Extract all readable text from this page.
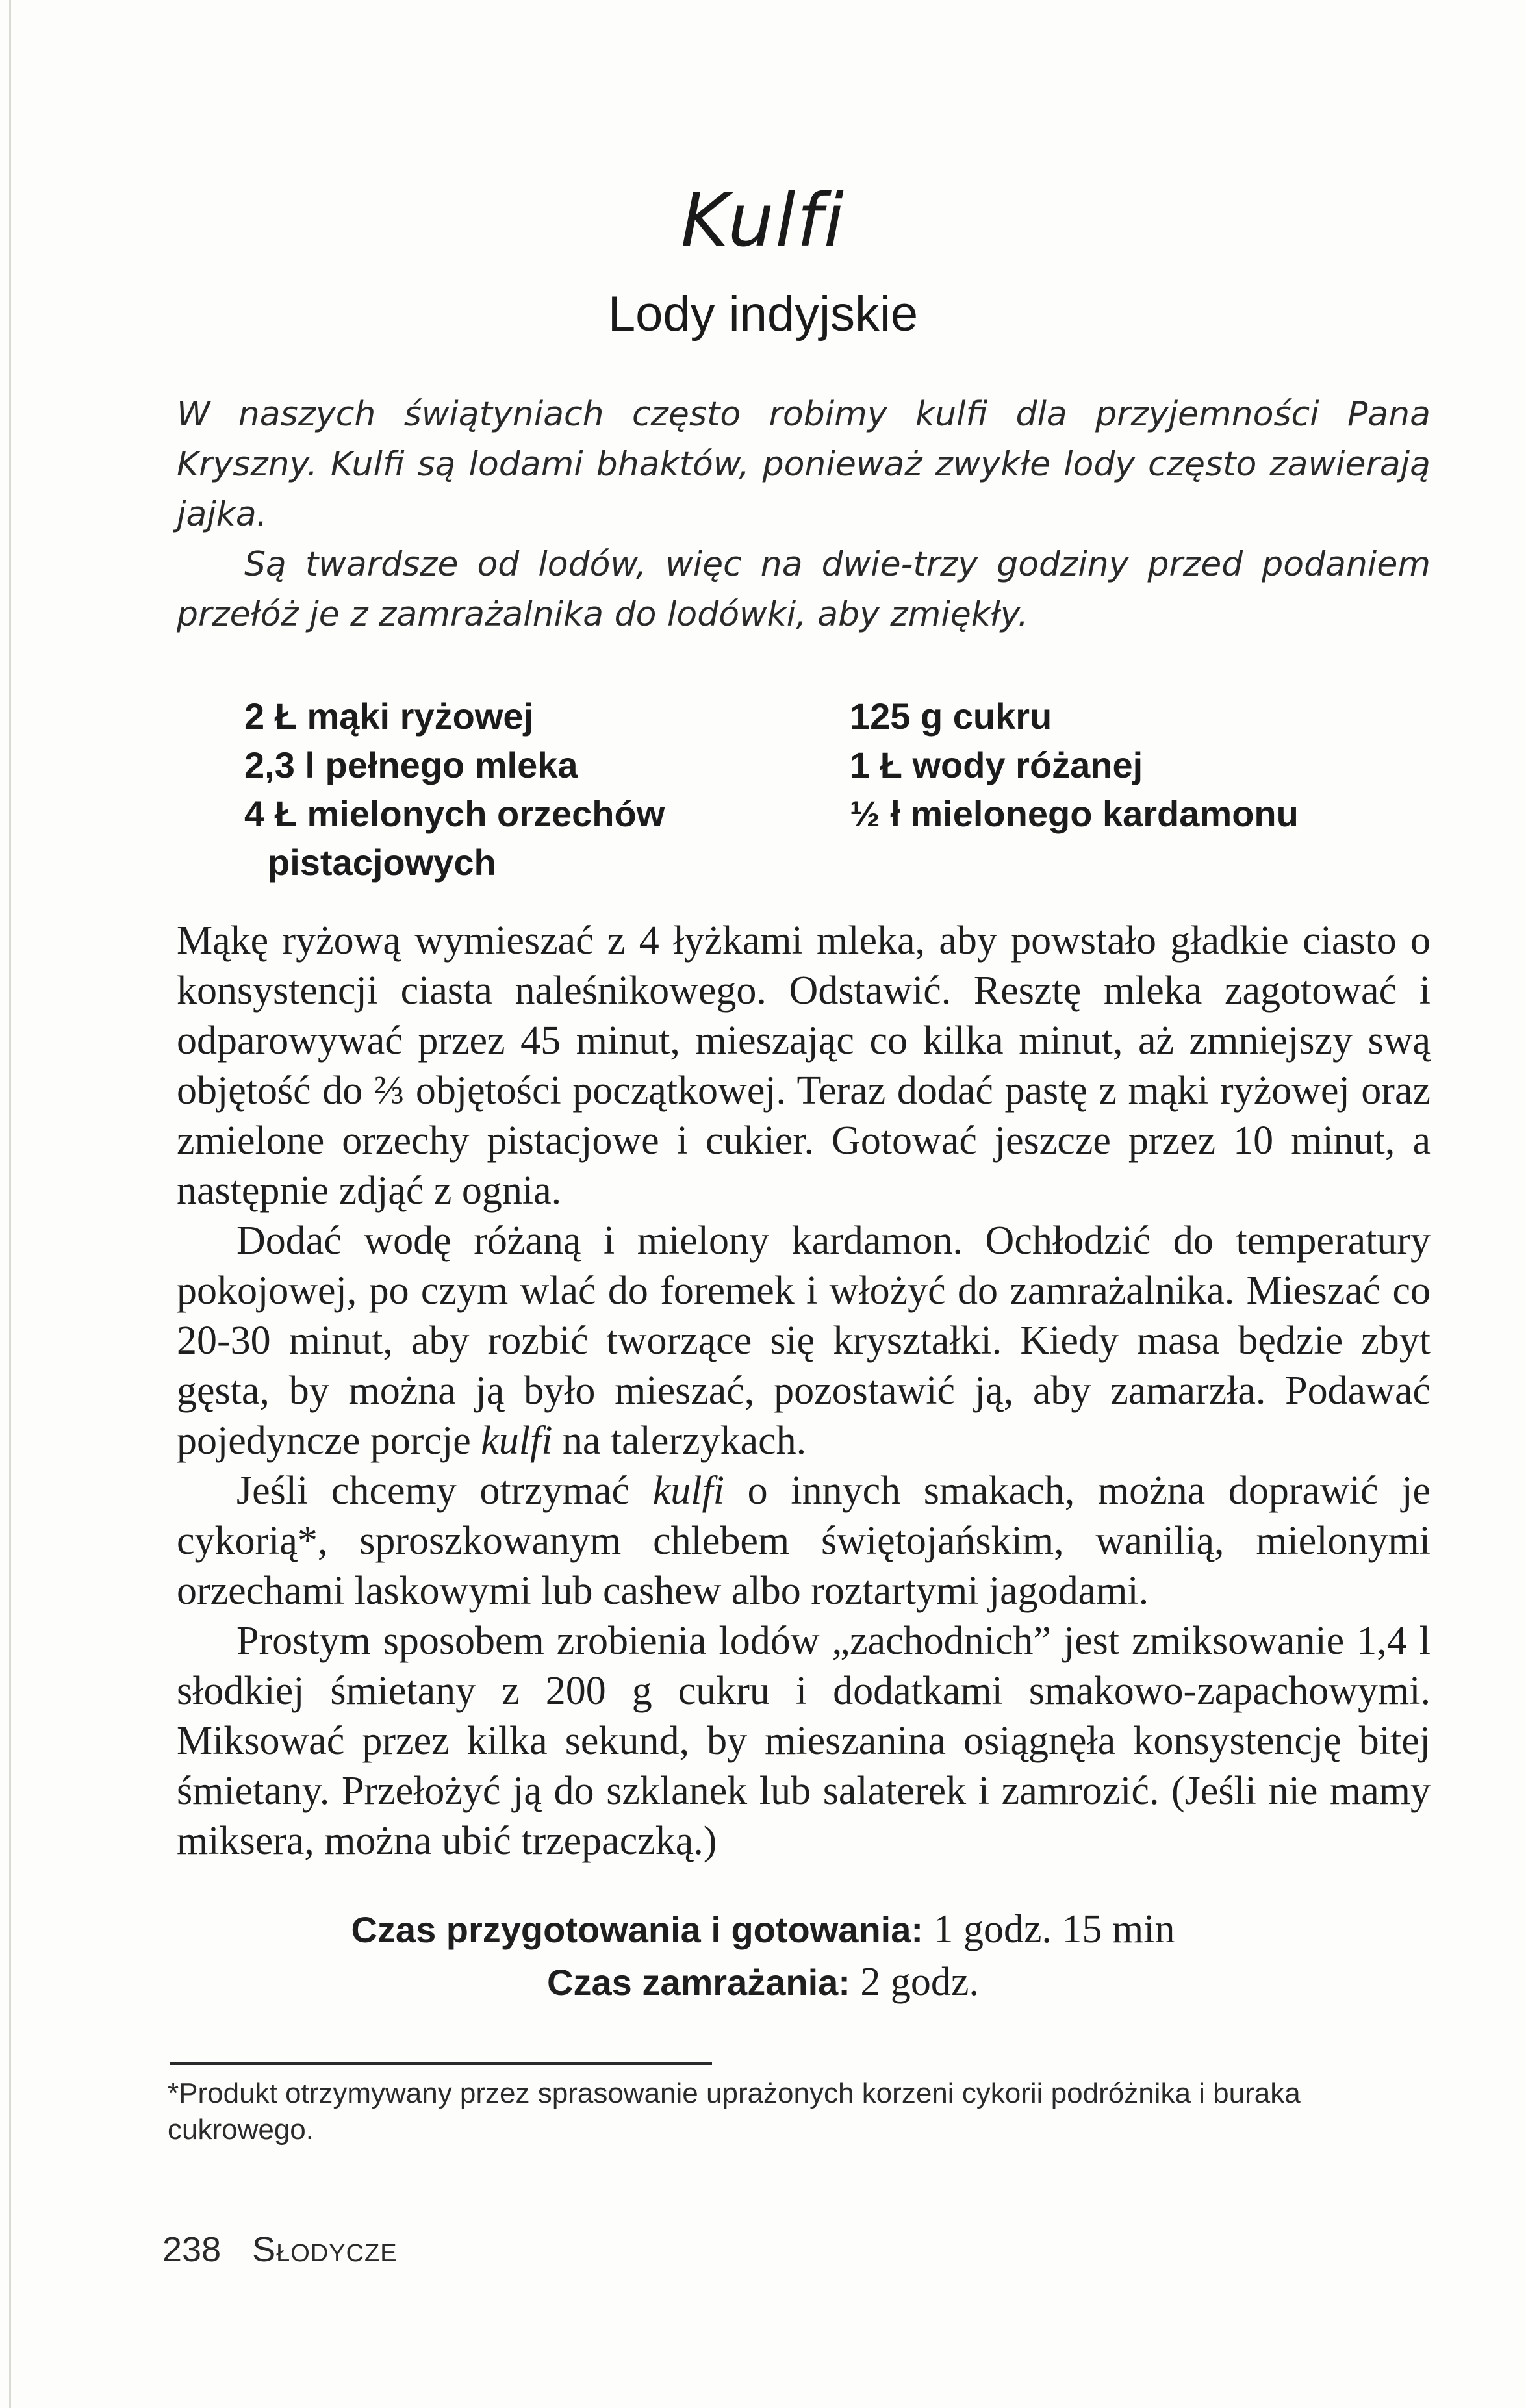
Kulfi
Lody indyjskie

W naszych świątyniach często robimy kulfi dla przyjemności Pana Kryszny. Kulfi są lodami bhaktów, ponieważ zwykłe lody często zawierają jajka.

Są twardsze od lodów, więc na dwie-trzy godziny przed podaniem przełóż je z zamrażalnika do lodówki, aby zmiękły.

2 Ł mąki ryżowej
2,3 l pełnego mleka
4 Ł mielonych orzechów
pistacjowych
125 g cukru
1 Ł wody różanej
½ ł mielonego kardamonu

Mąkę ryżową wymieszać z 4 łyżkami mleka, aby powstało gładkie ciasto o konsystencji ciasta naleśnikowego. Odstawić. Resztę mleka zagotować i odparowywać przez 45 minut, mieszając co kilka minut, aż zmniejszy swą objętość do ⅔ objętości początkowej. Teraz dodać pastę z mąki ryżowej oraz zmielone orzechy pistacjowe i cukier. Gotować jeszcze przez 10 minut, a następnie zdjąć z ognia.

Dodać wodę różaną i mielony kardamon. Ochłodzić do temperatury pokojowej, po czym wlać do foremek i włożyć do zamrażalnika. Mieszać co 20-30 minut, aby rozbić tworzące się kryształki. Kiedy masa będzie zbyt gęsta, by można ją było mieszać, pozostawić ją, aby zamarzła. Podawać pojedyncze porcje kulfi na talerzykach.

Jeśli chcemy otrzymać kulfi o innych smakach, można doprawić je cykorią*, sproszkowanym chlebem świętojańskim, wanilią, mielonymi orzechami laskowymi lub cashew albo roztartymi jagodami.

Prostym sposobem zrobienia lodów „zachodnich” jest zmiksowanie 1,4 l słodkiej śmietany z 200 g cukru i dodatkami smakowo-zapachowymi. Miksować przez kilka sekund, by mieszanina osiągnęła konsystencję bitej śmietany. Przełożyć ją do szklanek lub salaterek i zamrozić. (Jeśli nie mamy miksera, można ubić trzepaczką.)

Czas przygotowania i gotowania: 1 godz. 15 min
Czas zamrażania: 2 godz.
*Produkt otrzymywany przez sprasowanie uprażonych korzeni cykorii podróżnika i buraka cukrowego.
238 Słodycze
